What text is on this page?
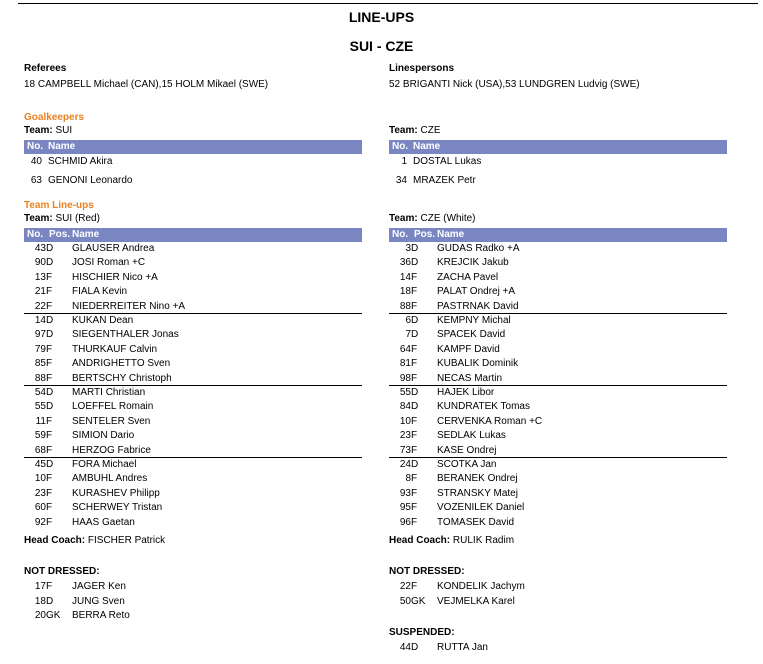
LINE-UPS
SUI - CZE
Referees
18 CAMPBELL Michael (CAN),15 HOLM Mikael (SWE)
Goalkeepers
Team: SUI
No. Name
40 SCHMID Akira
63 GENONI Leonardo
Team Line-ups
Team: SUI (Red)
No. Pos. Name
43 D GLAUSER Andrea
90 D JOSI Roman +C
13 F HISCHIER Nico +A
21 F FIALA Kevin
22 F NIEDERREITER Nino +A
14 D KUKAN Dean
97 D SIEGENTHALER Jonas
79 F THURKAUF Calvin
85 F ANDRIGHETTO Sven
88 F BERTSCHY Christoph
54 D MARTI Christian
55 D LOEFFEL Romain
11 F SENTELER Sven
59 F SIMION Dario
68 F HERZOG Fabrice
45 D FORA Michael
10 F AMBUHL Andres
23 F KURASHEV Philipp
60 F SCHERWEY Tristan
92 F HAAS Gaetan
Head Coach: FISCHER Patrick
NOT DRESSED:
17 F JAGER Ken
18 D JUNG Sven
20 GK BERRA Reto
Linespersons
52 BRIGANTI Nick (USA),53 LUNDGREN Ludvig (SWE)
Team: CZE
No. Name
1 DOSTAL Lukas
34 MRAZEK Petr
Team: CZE (White)
No. Pos. Name
3 D GUDAS Radko +A
36 D KREJCIK Jakub
14 F ZACHA Pavel
18 F PALAT Ondrej +A
88 F PASTRNAK David
6 D KEMPNY Michal
7 D SPACEK David
64 F KAMPF David
81 F KUBALIK Dominik
98 F NECAS Martin
55 D HAJEK Libor
84 D KUNDRATEK Tomas
10 F CERVENKA Roman +C
23 F SEDLAK Lukas
73 F KASE Ondrej
24 D SCOTKA Jan
8 F BERANEK Ondrej
93 F STRANSKY Matej
95 F VOZENILEK Daniel
96 F TOMASEK David
Head Coach: RULIK Radim
NOT DRESSED:
22 F KONDELIK Jachym
50 GK VEJMELKA Karel
SUSPENDED:
44 D RUTTA Jan
